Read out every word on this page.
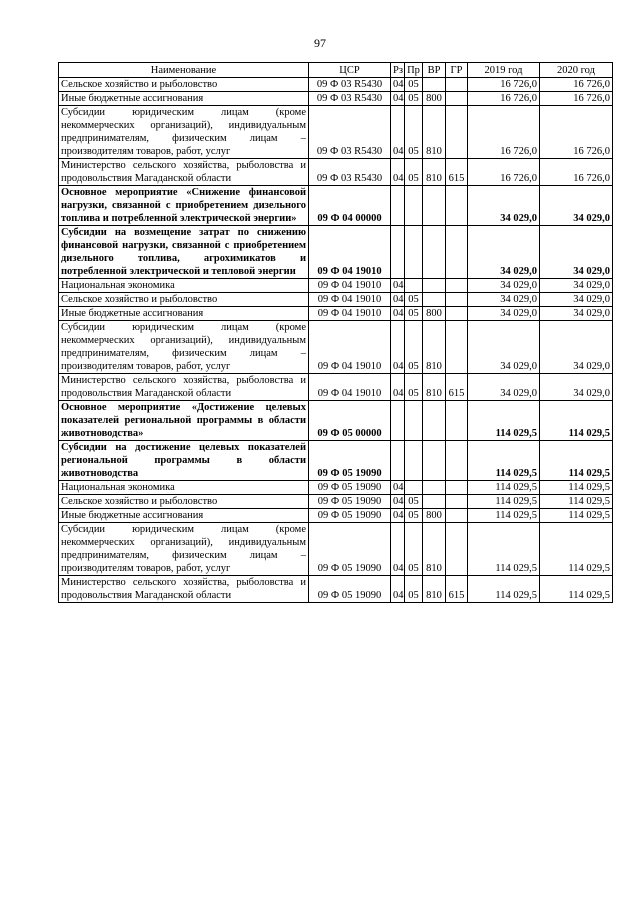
97
Наименование	ЦСР	Рз	Пр	ВР	ГР	2019 год	2020 год
Сельское хозяйство и рыболовство	09 Ф 03 R5430	04	05			16 726,0	16 726,0
Иные бюджетные ассигнования	09 Ф 03 R5430	04	05	800		16 726,0	16 726,0
Субсидии юридическим лицам (кроме некоммерческих организаций), индивидуальным предпринимателям, физическим лицам – производителям товаров, работ, услуг	09 Ф 03 R5430	04	05	810		16 726,0	16 726,0
Министерство сельского хозяйства, рыболовства и продовольствия Магаданской области	09 Ф 03 R5430	04	05	810	615	16 726,0	16 726,0
Основное мероприятие «Снижение финансовой нагрузки, связанной с приобретением дизельного топлива и потребленной электрической энергии»	09 Ф 04 00000					34 029,0	34 029,0
Субсидии на возмещение затрат по снижению финансовой нагрузки, связанной с приобретением дизельного топлива, агрохимикатов и потребленной электрической и тепловой энергии	09 Ф 04 19010					34 029,0	34 029,0
Национальная экономика	09 Ф 04 19010	04				34 029,0	34 029,0
Сельское хозяйство и рыболовство	09 Ф 04 19010	04	05			34 029,0	34 029,0
Иные бюджетные ассигнования	09 Ф 04 19010	04	05	800		34 029,0	34 029,0
Субсидии юридическим лицам (кроме некоммерческих организаций), индивидуальным предпринимателям, физическим лицам – производителям товаров, работ, услуг	09 Ф 04 19010	04	05	810		34 029,0	34 029,0
Министерство сельского хозяйства, рыболовства и продовольствия Магаданской области	09 Ф 04 19010	04	05	810	615	34 029,0	34 029,0
Основное мероприятие «Достижение целевых показателей региональной программы в области животноводства»	09 Ф 05 00000					114 029,5	114 029,5
Субсидии на достижение целевых показателей региональной программы в области животноводства	09 Ф 05 19090					114 029,5	114 029,5
Национальная экономика	09 Ф 05 19090	04				114 029,5	114 029,5
Сельское хозяйство и рыболовство	09 Ф 05 19090	04	05			114 029,5	114 029,5
Иные бюджетные ассигнования	09 Ф 05 19090	04	05	800		114 029,5	114 029,5
Субсидии юридическим лицам (кроме некоммерческих организаций), индивидуальным предпринимателям, физическим лицам – производителям товаров, работ, услуг	09 Ф 05 19090	04	05	810		114 029,5	114 029,5
Министерство сельского хозяйства, рыболовства и продовольствия Магаданской области	09 Ф 05 19090	04	05	810	615	114 029,5	114 029,5
